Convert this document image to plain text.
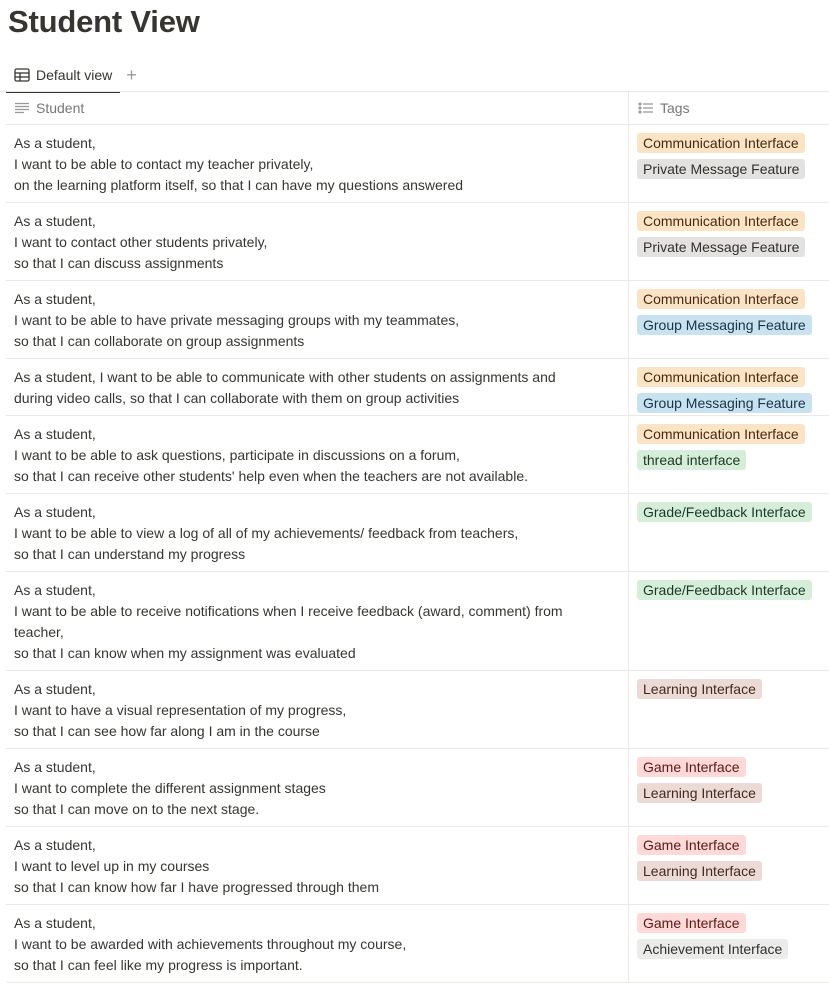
Student View
Default view +
Student	Tags
As a student,
I want to be able to contact my teacher privately,
on the learning platform itself, so that I can have my questions answered
Communication Interface
Private Message Feature
As a student,
I want to contact other students privately,
so that I can discuss assignments
Communication Interface
Private Message Feature
As a student,
I want to be able to have private messaging groups with my teammates,
so that I can collaborate on group assignments
Communication Interface
Group Messaging Feature
As a student, I want to be able to communicate with other students on assignments and
during video calls, so that I can collaborate with them on group activities
Communication Interface
Group Messaging Feature
As a student,
I want to be able to ask questions, participate in discussions on a forum,
so that I can receive other students' help even when the teachers are not available.
Communication Interface
thread interface
As a student,
I want to be able to view a log of all of my achievements/ feedback from teachers,
so that I can understand my progress
Grade/Feedback Interface
As a student,
I want to be able to receive notifications when I receive feedback (award, comment) from
teacher,
so that I can know when my assignment was evaluated
Grade/Feedback Interface
As a student,
I want to have a visual representation of my progress,
so that I can see how far along I am in the course
Learning Interface
As a student,
I want to complete the different assignment stages
so that I can move on to the next stage.
Game Interface
Learning Interface
As a student,
I want to level up in my courses
so that I can know how far I have progressed through them
Game Interface
Learning Interface
As a student,
I want to be awarded with achievements throughout my course,
so that I can feel like my progress is important.
Game Interface
Achievement Interface
